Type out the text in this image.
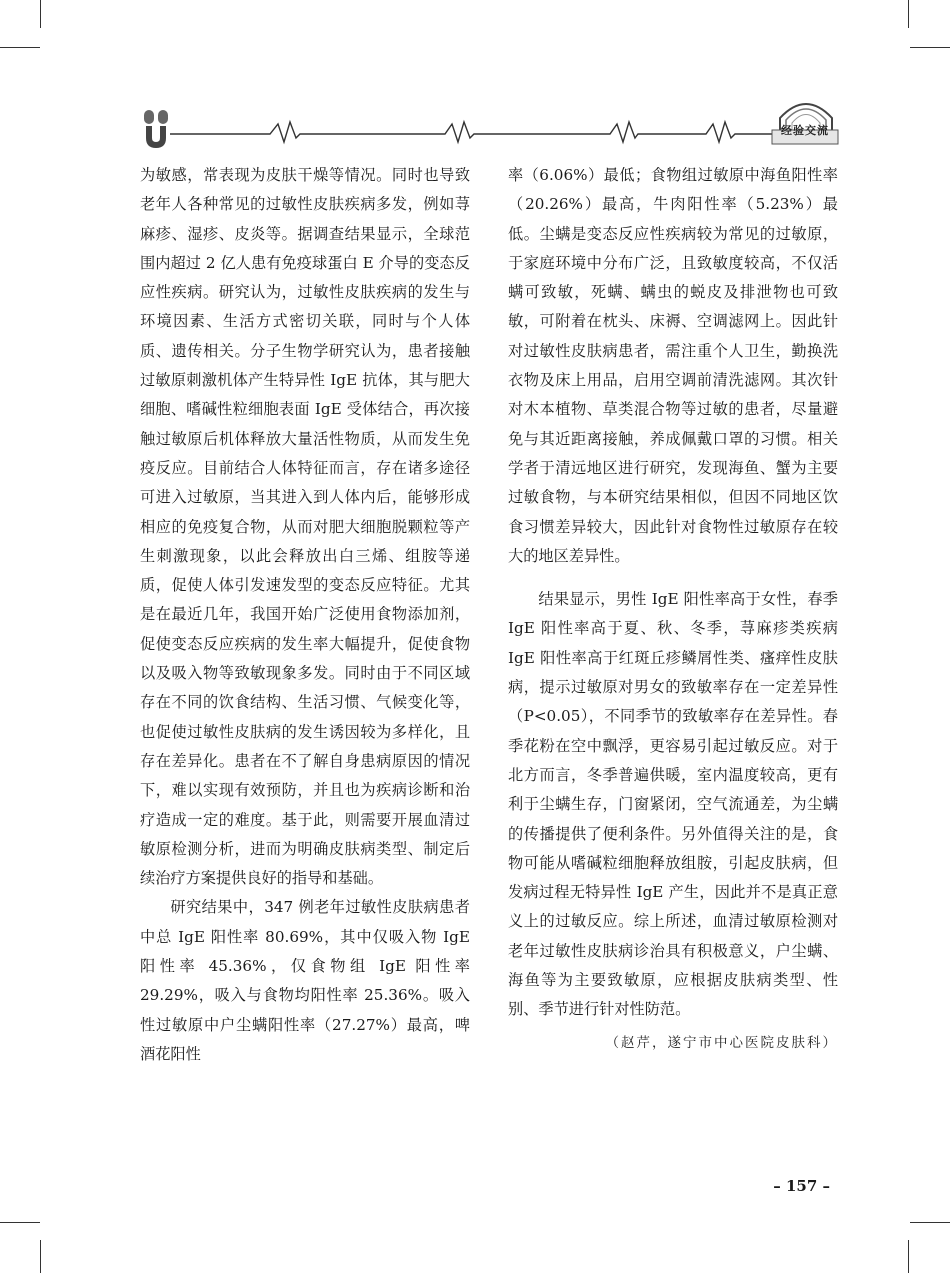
经验交流

为敏感，常表现为皮肤干燥等情况。同时也导致老年人各种常见的过敏性皮肤疾病多发，例如荨麻疹、湿疹、皮炎等。据调查结果显示，全球范围内超过 2 亿人患有免疫球蛋白 E 介导的变态反应性疾病。研究认为，过敏性皮肤疾病的发生与环境因素、生活方式密切关联，同时与个人体质、遗传相关。分子生物学研究认为，患者接触过敏原刺激机体产生特异性 IgE 抗体，其与肥大细胞、嗜碱性粒细胞表面 IgE 受体结合，再次接触过敏原后机体释放大量活性物质，从而发生免疫反应。目前结合人体特征而言，存在诸多途径可进入过敏原，当其进入到人体内后，能够形成相应的免疫复合物，从而对肥大细胞脱颗粒等产生刺激现象，以此会释放出白三烯、组胺等递质，促使人体引发速发型的变态反应特征。尤其是在最近几年，我国开始广泛使用食物添加剂，促使变态反应疾病的发生率大幅提升，促使食物以及吸入物等致敏现象多发。同时由于不同区域存在不同的饮食结构、生活习惯、气候变化等，也促使过敏性皮肤病的发生诱因较为多样化，且存在差异化。患者在不了解自身患病原因的情况下，难以实现有效预防，并且也为疾病诊断和治疗造成一定的难度。基于此，则需要开展血清过敏原检测分析，进而为明确皮肤病类型、制定后续治疗方案提供良好的指导和基础。

研究结果中，347 例老年过敏性皮肤病患者中总 IgE 阳性率 80.69%，其中仅吸入物 IgE 阳性率 45.36%，仅食物组 IgE 阳性率 29.29%，吸入与食物均阳性率 25.36%。吸入性过敏原中户尘螨阳性率（27.27%）最高，啤酒花阳性

率（6.06%）最低；食物组过敏原中海鱼阳性率（20.26%）最高，牛肉阳性率（5.23%）最低。尘螨是变态反应性疾病较为常见的过敏原，于家庭环境中分布广泛，且致敏度较高，不仅活螨可致敏，死螨、螨虫的蜕皮及排泄物也可致敏，可附着在枕头、床褥、空调滤网上。因此针对过敏性皮肤病患者，需注重个人卫生，勤换洗衣物及床上用品，启用空调前清洗滤网。其次针对木本植物、草类混合物等过敏的患者，尽量避免与其近距离接触，养成佩戴口罩的习惯。相关学者于清远地区进行研究，发现海鱼、蟹为主要过敏食物，与本研究结果相似，但因不同地区饮食习惯差异较大，因此针对食物性过敏原存在较大的地区差异性。

结果显示，男性 IgE 阳性率高于女性，春季 IgE 阳性率高于夏、秋、冬季，荨麻疹类疾病 IgE 阳性率高于红斑丘疹鳞屑性类、瘙痒性皮肤病，提示过敏原对男女的致敏率存在一定差异性（P<0.05），不同季节的致敏率存在差异性。春季花粉在空中飘浮，更容易引起过敏反应。对于北方而言，冬季普遍供暖，室内温度较高，更有利于尘螨生存，门窗紧闭，空气流通差，为尘螨的传播提供了便利条件。另外值得关注的是，食物可能从嗜碱粒细胞释放组胺，引起皮肤病，但发病过程无特异性 IgE 产生，因此并不是真正意义上的过敏反应。综上所述，血清过敏原检测对老年过敏性皮肤病诊治具有积极意义，户尘螨、海鱼等为主要致敏原，应根据皮肤病类型、性别、季节进行针对性防范。

（赵芹，遂宁市中心医院皮肤科）
– 157 –
